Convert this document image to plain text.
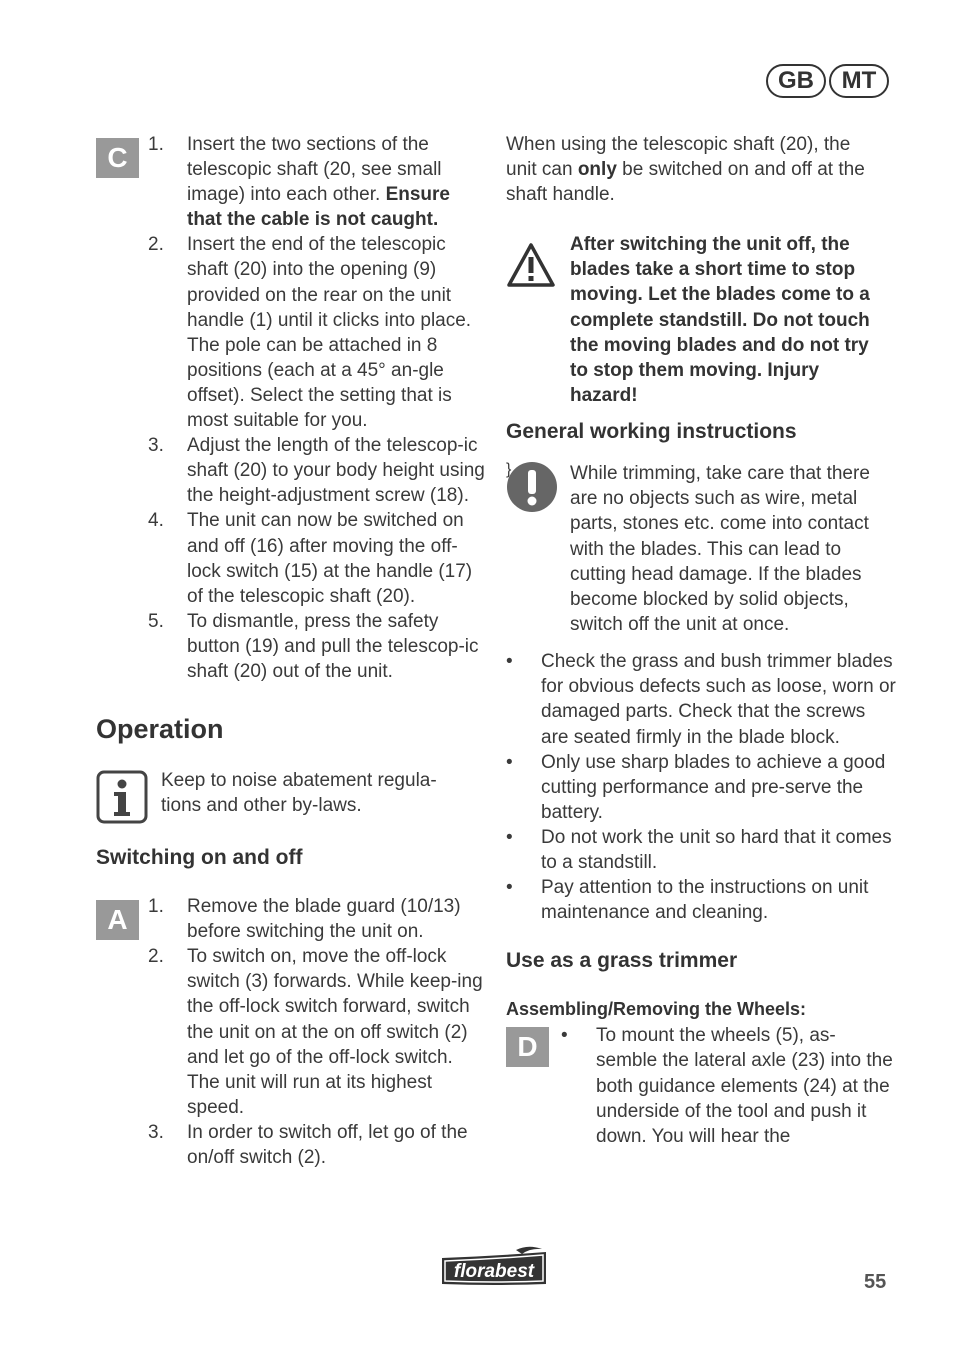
GB	MT
C	1. Insert the two sections of the telescopic shaft (20, see small image) into each other. Ensure that the cable is not caught.
2. Insert the end of the telescopic shaft (20) into the opening (9) provided on the rear on the unit handle (1) until it clicks into place. The pole can be attached in 8 positions (each at a 45° an-gle offset). Select the setting that is most suitable for you.
3. Adjust the length of the telescop-ic shaft (20) to your body height using the height-adjustment screw (18).
4. The unit can now be switched on and off (16) after moving the off-lock switch (15) at the handle (17) of the telescopic shaft (20).
5. To dismantle, press the safety button (19) and pull the telescop-ic shaft (20) out of the unit.
Operation
Keep to noise abatement regula-tions and other by-laws.
Switching on and off
A	1. Remove the blade guard (10/13) before switching the unit on.
2. To switch on, move the off-lock switch (3) forwards. While keep-ing the off-lock switch forward, switch the unit on at the on off switch (2) and let go of the off-lock switch. The unit will run at its highest speed.
3. In order to switch off, let go of the on/off switch (2).

When using the telescopic shaft (20), the unit can only be switched on and off at the shaft handle.

After switching the unit off, the blades take a short time to stop moving. Let the blades come to a complete standstill. Do not touch the moving blades and do not try to stop them moving. Injury hazard!
General working instructions
While trimming, take care that there are no objects such as wire, metal parts, stones etc. come into contact with the blades. This can lead to cutting head damage. If the blades become blocked by solid objects, switch off the unit at once.
}
• Check the grass and bush trimmer blades for obvious defects such as loose, worn or damaged parts. Check that the screws are seated firmly in the blade block.
• Only use sharp blades to achieve a good cutting performance and pre-serve the battery.
• Do not work the unit so hard that it comes to a standstill.
• Pay attention to the instructions on unit maintenance and cleaning.
Use as a grass trimmer
Assembling/Removing the Wheels:
D	• To mount the wheels (5), as-semble the lateral axle (23) into the both guidance elements (24) at the underside of the tool and push it down. You will hear the
florabest	55
